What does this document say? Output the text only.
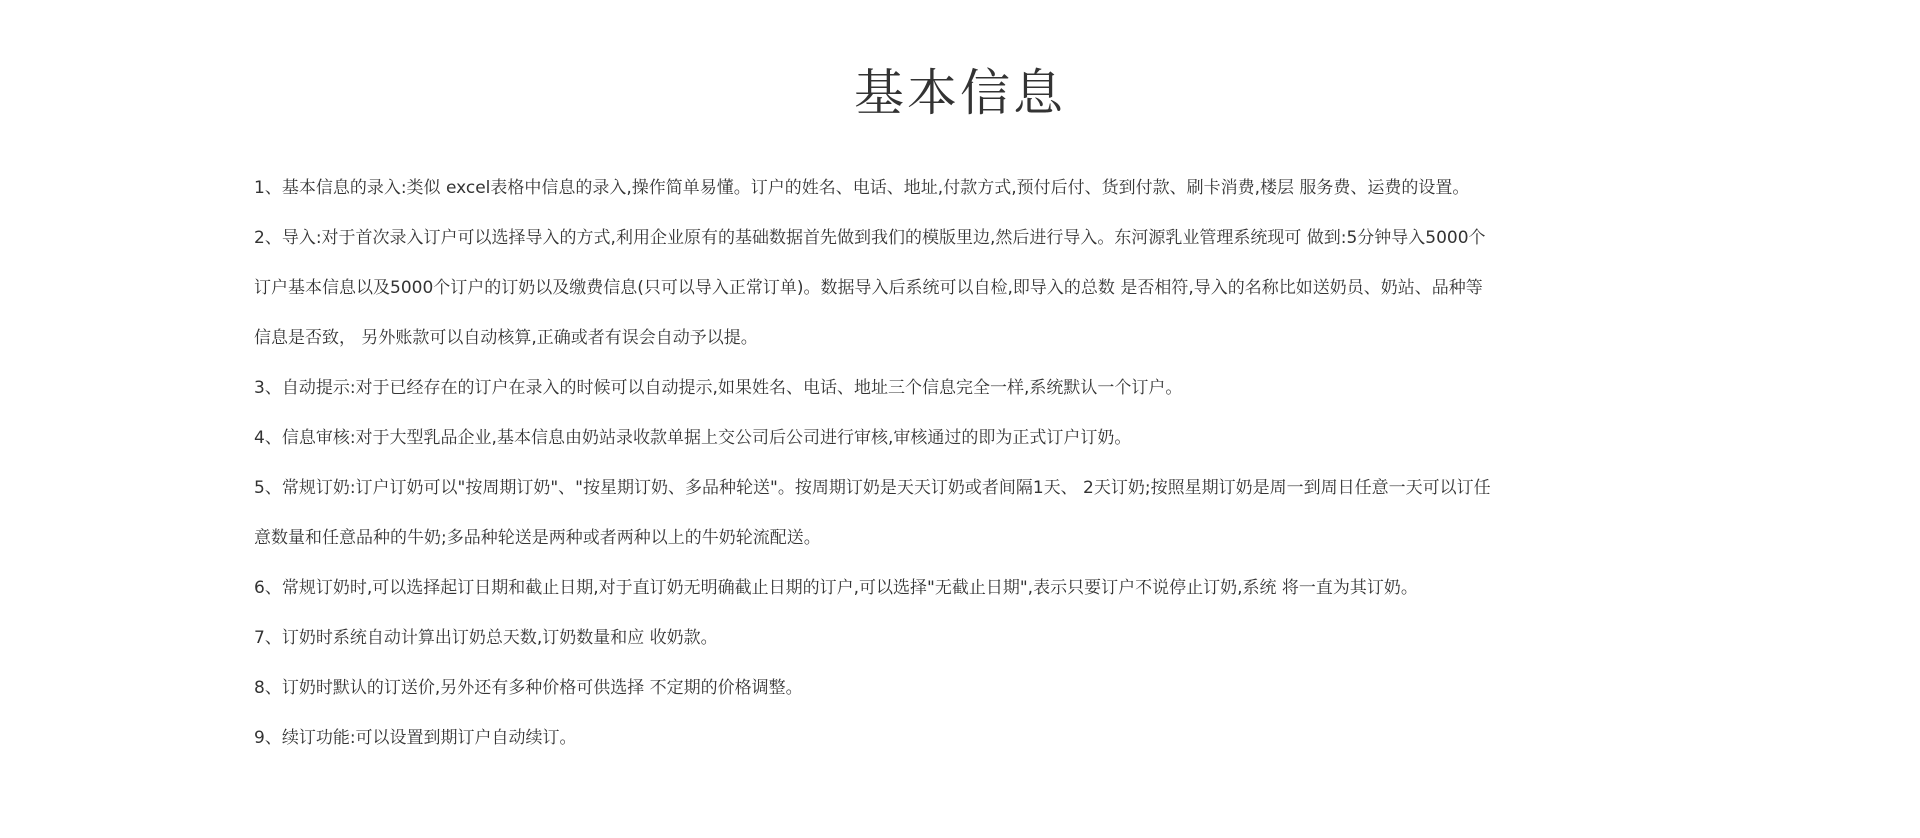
基本信息

1、基本信息的录入:类似 excel表格中信息的录入,操作简单易懂。订户的姓名、电话、地址,付款方式,预付后付、货到付款、刷卡消费,楼层 服务费、运费的设置。

2、导入:对于首次录入订户可以选择导入的方式,利用企业原有的基础数据首先做到我们的模版里边,然后进行导入。东河源乳业管理系统现可 做到:5分钟导入5000个

订户基本信息以及5000个订户的订奶以及缴费信息(只可以导入正常订单)。数据导入后系统可以自检,即导入的总数 是否相符,导入的名称比如送奶员、奶站、品种等

信息是否致， 另外账款可以自动核算,正确或者有误会自动予以提。

3、自动提示:对于已经存在的订户在录入的时候可以自动提示,如果姓名、电话、地址三个信息完全一样,系统默认一个订户。

4、信息审核:对于大型乳品企业,基本信息由奶站录收款单据上交公司后公司进行审核,审核通过的即为正式订户订奶。

5、常规订奶:订户订奶可以"按周期订奶"、"按星期订奶、多品种轮送"。按周期订奶是天天订奶或者间隔1天、 2天订奶;按照星期订奶是周一到周日任意一天可以订任

意数量和任意品种的牛奶;多品种轮送是两种或者两种以上的牛奶轮流配送。

6、常规订奶时,可以选择起订日期和截止日期,对于直订奶无明确截止日期的订户,可以选择"无截止日期",表示只要订户不说停止订奶,系统 将一直为其订奶。

7、订奶时系统自动计算出订奶总天数,订奶数量和应 收奶款。

8、订奶时默认的订送价,另外还有多种价格可供选择 不定期的价格调整。

9、续订功能:可以设置到期订户自动续订。
